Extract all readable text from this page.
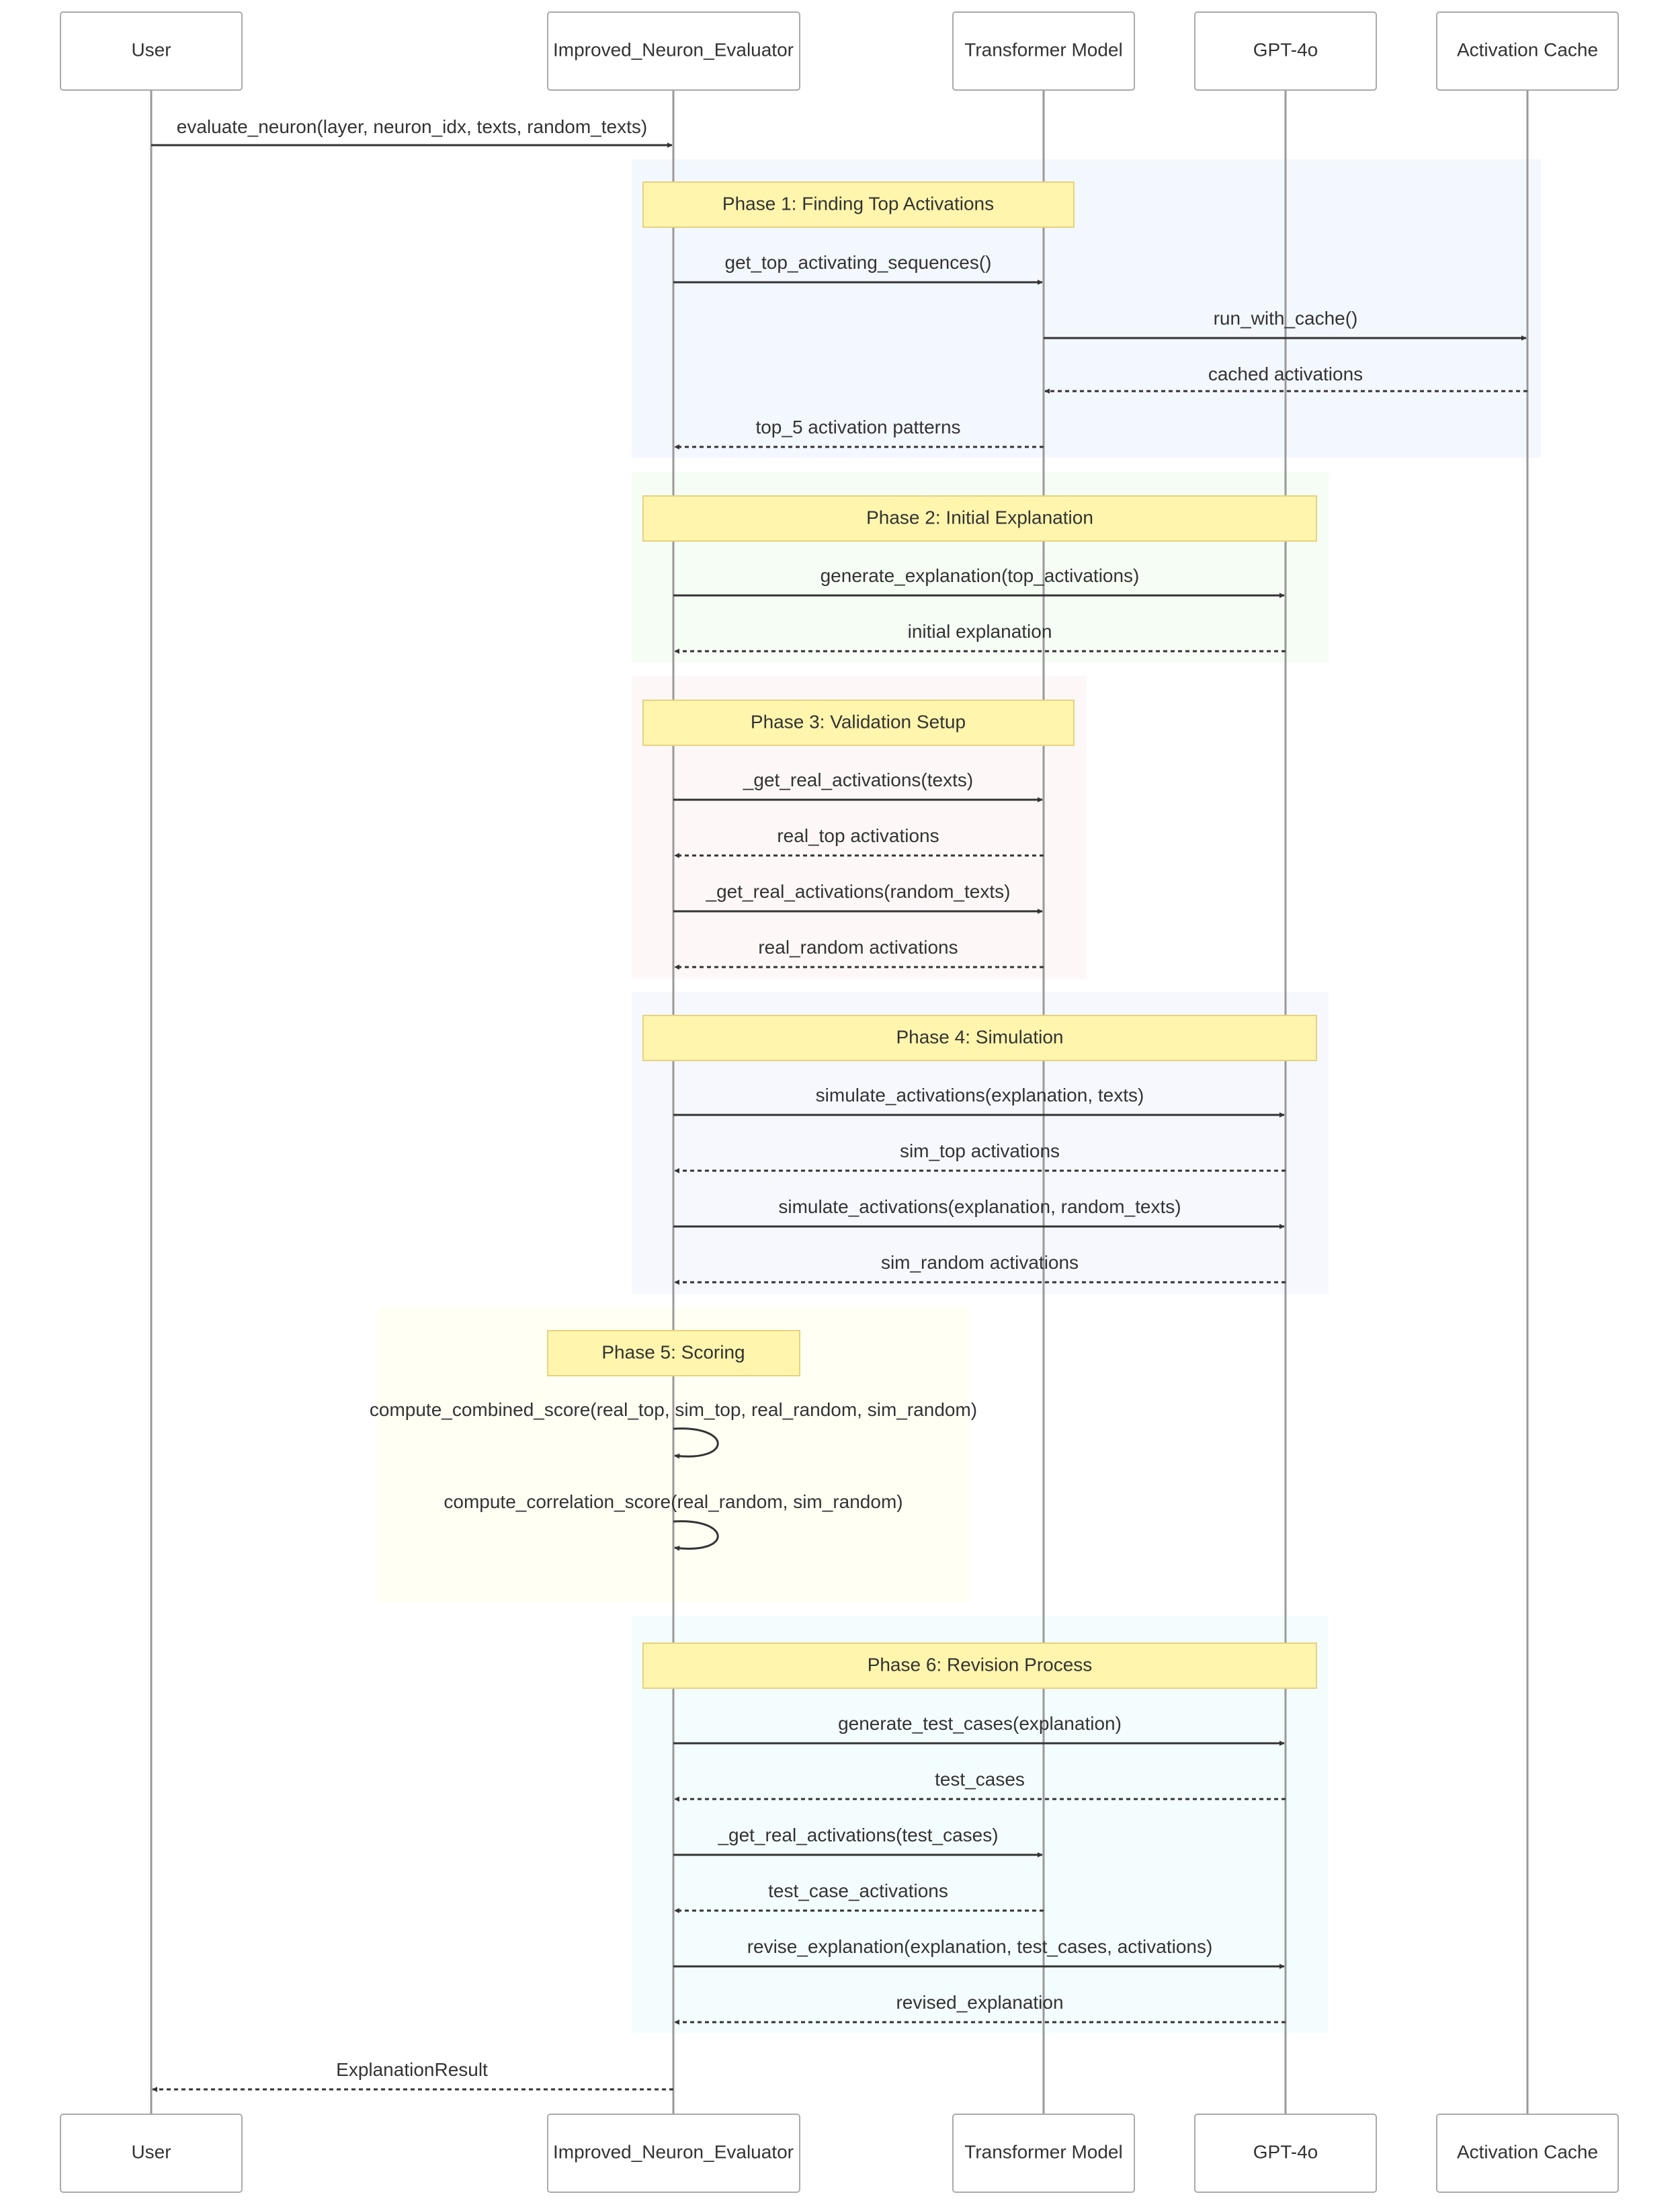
Phase 1: Finding Top Activations
Phase 2: Initial Explanation
Phase 3: Validation Setup
Phase 4: Simulation
Phase 5: Scoring
Phase 6: Revision Process
evaluate_neuron(layer, neuron_idx, texts, random_texts)
get_top_activating_sequences()
run_with_cache()
cached activations
top_5 activation patterns
generate_explanation(top_activations)
initial explanation
_get_real_activations(texts)
real_top activations
_get_real_activations(random_texts)
real_random activations
simulate_activations(explanation, texts)
sim_top activations
simulate_activations(explanation, random_texts)
sim_random activations
compute_combined_score(real_top, sim_top, real_random, sim_random)
compute_correlation_score(real_random, sim_random)
generate_test_cases(explanation)
test_cases
_get_real_activations(test_cases)
test_case_activations
revise_explanation(explanation, test_cases, activations)
revised_explanation
ExplanationResult
User	Improved_Neuron_Evaluator	Transformer Model	GPT-4o	Activation Cache
User	Improved_Neuron_Evaluator	Transformer Model	GPT-4o	Activation Cache
